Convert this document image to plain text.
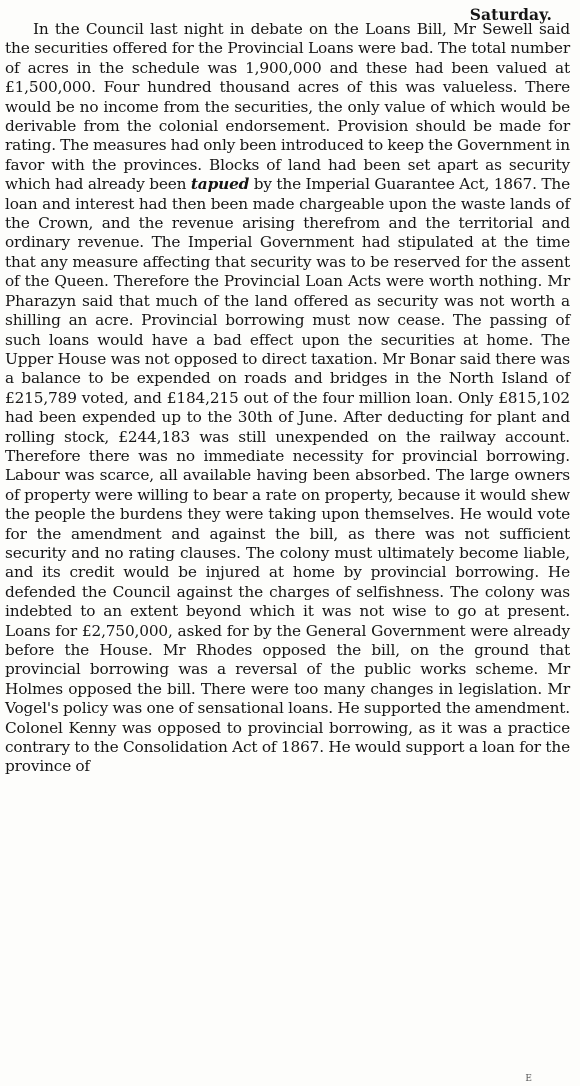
Saturday.

In the Council last night in debate on the Loans Bill, Mr Sewell said the securities offered for the Provincial Loans were bad. The total number of acres in the schedule was 1,900,000 and these had been valued at £1,500,000. Four hundred thousand acres of this was valueless. There would be no income from the securities, the only value of which would be derivable from the colonial endorsement. Provision should be made for rating. The measures had only been introduced to keep the Government in favor with the provinces. Blocks of land had been set apart as security which had already been tapued by the Imperial Guarantee Act, 1867. The loan and interest had then been made chargeable upon the waste lands of the Crown, and the revenue arising therefrom and the territorial and ordinary revenue. The Imperial Government had stipulated at the time that any measure affecting that security was to be reserved for the assent of the Queen. Therefore the Provincial Loan Acts were worth nothing. Mr Pharazyn said that much of the land offered as security was not worth a shilling an acre. Provincial borrowing must now cease. The passing of such loans would have a bad effect upon the securities at home. The Upper House was not opposed to direct taxation. Mr Bonar said there was a balance to be expended on roads and bridges in the North Island of £215,789 voted, and £184,215 out of the four million loan. Only £815,102 had been expended up to the 30th of June. After deducting for plant and rolling stock, £244,183 was still unexpended on the railway account. Therefore there was no immediate necessity for provincial borrowing. Labour was scarce, all available having been absorbed. The large owners of property were willing to bear a rate on property, because it would shew the people the burdens they were taking upon themselves. He would vote for the amendment and against the bill, as there was not sufficient security and no rating clauses. The colony must ultimately become liable, and its credit would be injured at home by provincial borrowing. He defended the Council against the charges of selfishness. The colony was indebted to an extent beyond which it was not wise to go at present. Loans for £2,750,000, asked for by the General Government were already before the House. Mr Rhodes opposed the bill, on the ground that provincial borrowing was a reversal of the public works scheme. Mr Holmes opposed the bill. There were too many changes in legislation. Mr Vogel's policy was one of sensational loans. He supported the amendment. Colonel Kenny was opposed to provincial borrowing, as it was a practice contrary to the Consolidation Act of 1867. He would support a loan for the province of

E
